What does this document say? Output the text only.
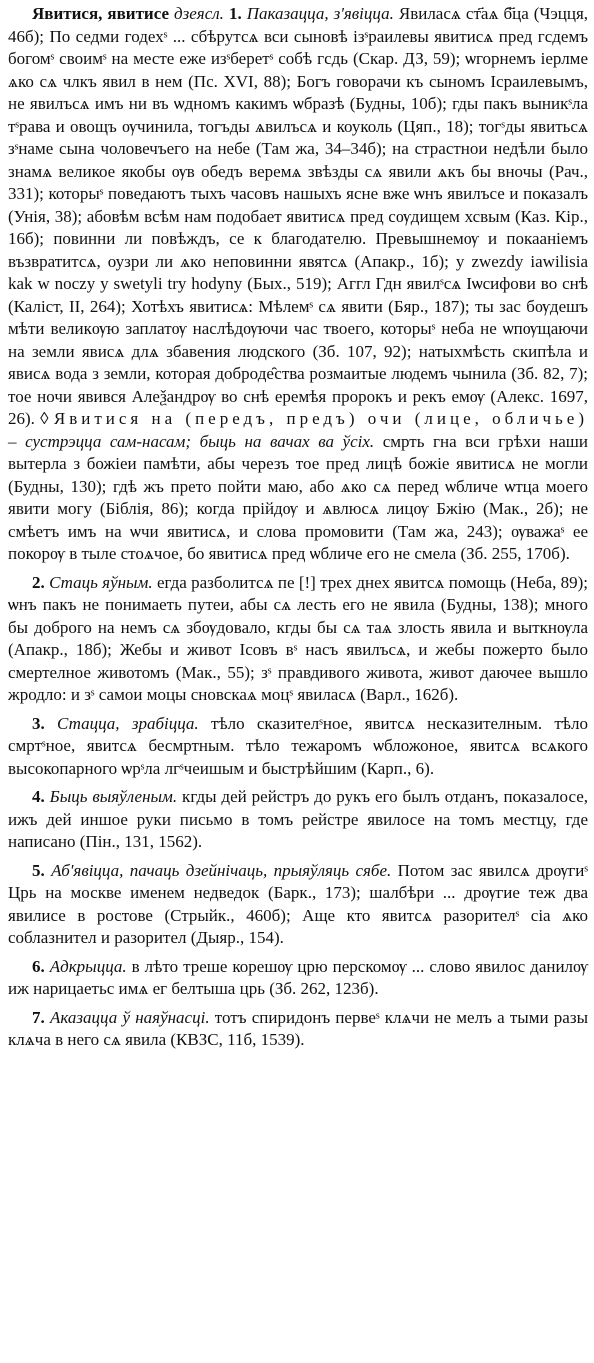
Явитися, явитисе дзеясл. 1. Паказацца, з'явіцца. Явиласѧ ст҃аѧ б҃ца (Чэцця, 46б); По седми годехˢ ... сбѣрутсѧ вси сыновѣ ізˢраилевы явитисѧ пред гсдемъ богомˢ своимˢ на месте еже изˢберетˢ собѣ гсдь (Скар. ДЗ, 59); ѡгорнемъ іерлме ѧко сѧ члкъ явил в нем (Пс. XVI, 88); Богъ говорачи къ сыномъ Ісраилевымъ, не явилъсѧ имъ ни въ ѡдномъ какимъ ѡбразѣ (Будны, 10б); гды пакъ выникˢла тˢрава и овощъ ѹчинила, тогъды ѧвилъсѧ и коуколь (Цяп., 18); тогˢды явитьсѧ зˢнаме сына чоловечъего на небе (Там жа, 34–34б); на страстнои недѣли было знамѧ великое якобы ѹв обедъ веремѧ звѣзды сѧ явили ѧкъ бы вночы (Рач., 331); которыˢ поведаютъ тыхъ часовъ нашыхъ ясне вже ѡнъ явилъсе и показалъ (Унія, 38); абовѣм всѣм нам подобает явитисѧ пред сѹдищем хсвым (Каз. Кір., 16б); повинни ли повѣждъ, се к благодателю. Превышнемѹ и покааніемъ възвратитсѧ, оузри ли ѧко неповинни явятсѧ (Апакр., 1б); y zwezdy iawilisia kak w noczy y swetyli try hodyny (Бых., 519); Аггл Гдн явилˢсѧ Іѡсифови во снѣ (Каліст, II, 264); Хотѣхъ явитисѧ: Мѣлемˢ сѧ явити (Бяр., 187); ты зас бѹдешъ мѣти великѹю заплатѹ наслѣдѹючи час твоего, которыˢ неба не ѡпѹщаючи на земли явисѧ длѧ збавения людского (Зб. 107, 92); натыхмѣсть скипѣла и явисѧ вода з земли, которая доброде̑ства розмаитые людемъ чынила (Зб. 82, 7); тое ночи явився Алеѯандрѹ во снѣ еремѣя пророкъ и рекъ емѹ (Алекс. 1697, 26). ◊ Явитися на (передъ, предъ) очи (лице, обличье) – сустрэцца сам-насам; быць на вачах ва ўсіх. смрть гна вси грѣхи наши вытерла з божіеи памѣти, абы черезъ тое пред лицѣ божіе явитисѧ не могли (Будны, 130); гдѣ жъ прето пойти маю, або ѧко сѧ перед ѡбличе ѡтца моего явити могу (Біблія, 86); когда прійдѹ и ѧвлюсѧ лицѹ Бжію (Мак., 2б); не смѣетъ имъ на ѡчи явитисѧ, и слова промовити (Там жа, 243); ѹважаˢ ее покорѹ в тыле стоѧчое, бо явитисѧ пред ѡбличе его не смела (Зб. 255, 170б).

2. Стаць яўным. егда разболитсѧ пе [!] трех днех явитсѧ помощь (Неба, 89); ѡнъ пакъ не понимаеть путеи, абы сѧ лесть его не явила (Будны, 138); много бы доброго на немъ сѧ збѹдовало, кгды бы сѧ таѧ злость явила и выткнѹла (Апакр., 18б); Жебы и живот Ісовъ вˢ насъ явилъсѧ, и жебы пожерто было смертелное животомъ (Мак., 55); зˢ правдивого живота, живот даючее вышло жродло: и зˢ самои моцы сновскаѧ моцˢ явиласѧ (Варл., 162б).

3. Стацца, зрабіцца. тѣло сказителˢное, явитсѧ несказителным. тѣло смртˢное, явитсѧ бесмртным. тѣло тежаромъ ѡбложоное, явитсѧ всѧкого высокопарного ѡрˢла лгˢчеишым и быстрѣйшим (Карп., 6).

4. Быць выяўленым. кгды дей рейстръ до рукъ его былъ отданъ, показалосе, ижъ дей иншое руки письмо в томъ рейстре явилосе на томъ местцу, где написано (Пін., 131, 1562).

5. Аб'явіцца, пачаць дзейнічаць, прыяўляць сябе. Потом зас явилсѧ дрѹгиˢ Црь на москве именем недведок (Барк., 173); шалбѣри ... дрѹгие теж два явилисе в ростове (Стрыйк., 460б); Аще кто явитсѧ разорителˢ сіа ѧко соблазнител и разорител (Дыяр., 154).

6. Адкрыцца. в лѣто треше корешѹ црю перскомѹ ... слово явилос данилѹ иж нарицаетьс имѧ ег белтыша црь (Зб. 262, 123б).

7. Аказацца ў наяўнасці. тотъ спиридонъ первеˢ клѧчи не мелъ а тыми разы клѧча в него сѧ явила (КВЗС, 11б, 1539).
